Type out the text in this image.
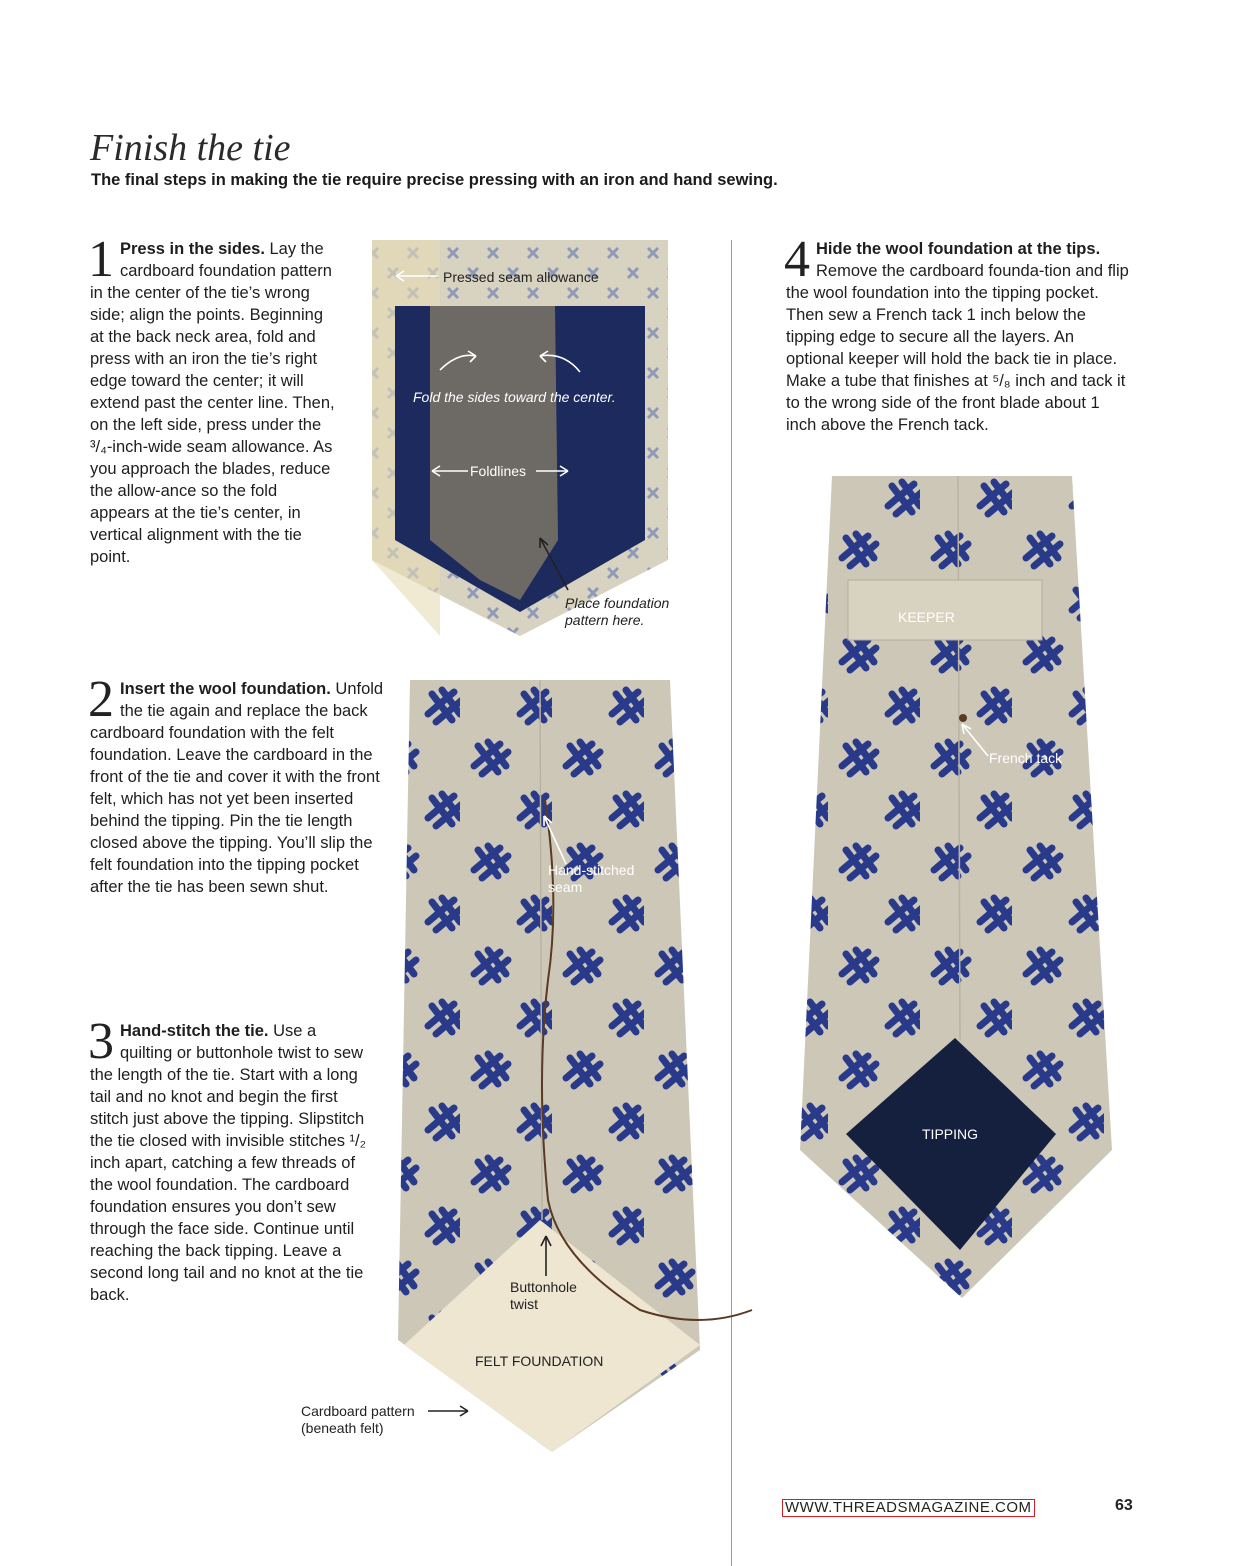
Finish the tie
The final steps in making the tie require precise pressing with an iron and hand sewing.
1 Press in the sides. Lay the cardboard foundation pattern in the center of the tie’s wrong side; align the points. Beginning at the back neck area, fold and press with an iron the tie’s right edge toward the center; it will extend past the center line. Then, on the left side, press under the ³/₄-inch-wide seam allowance. As you approach the blades, reduce the allow-ance so the fold appears at the tie’s center, in vertical alignment with the tie point.
2 Insert the wool foundation. Unfold the tie again and replace the back cardboard foundation with the felt foundation. Leave the cardboard in the front of the tie and cover it with the front felt, which has not yet been inserted behind the tipping. Pin the tie length closed above the tipping. You’ll slip the felt foundation into the tipping pocket after the tie has been sewn shut.
3 Hand-stitch the tie. Use a quilting or buttonhole twist to sew the length of the tie. Start with a long tail and no knot and begin the first stitch just above the tipping. Slipstitch the tie closed with invisible stitches ¹/₂ inch apart, catching a few threads of the wool foundation. The cardboard foundation ensures you don’t sew through the face side. Continue until reaching the back tipping. Leave a second long tail and no knot at the tie back.
4 Hide the wool foundation at the tips. Remove the cardboard founda-tion and flip the wool foundation into the tipping pocket. Then sew a French tack 1 inch below the tipping edge to secure all the layers. An optional keeper will hold the back tie in place. Make a tube that finishes at ⁵/₈ inch and tack it to the wrong side of the front blade about 1 inch above the French tack.
Pressed seam allowance
Fold the sides toward the center.
Foldlines
Place foundation
pattern here.	KEEPER
French tack
Hand-stitched
seam
TIPPING
Buttonhole
twist
FELT FOUNDATION
Cardboard pattern
(beneath felt)
WWW.THREADSMAGAZINE.COM	63
